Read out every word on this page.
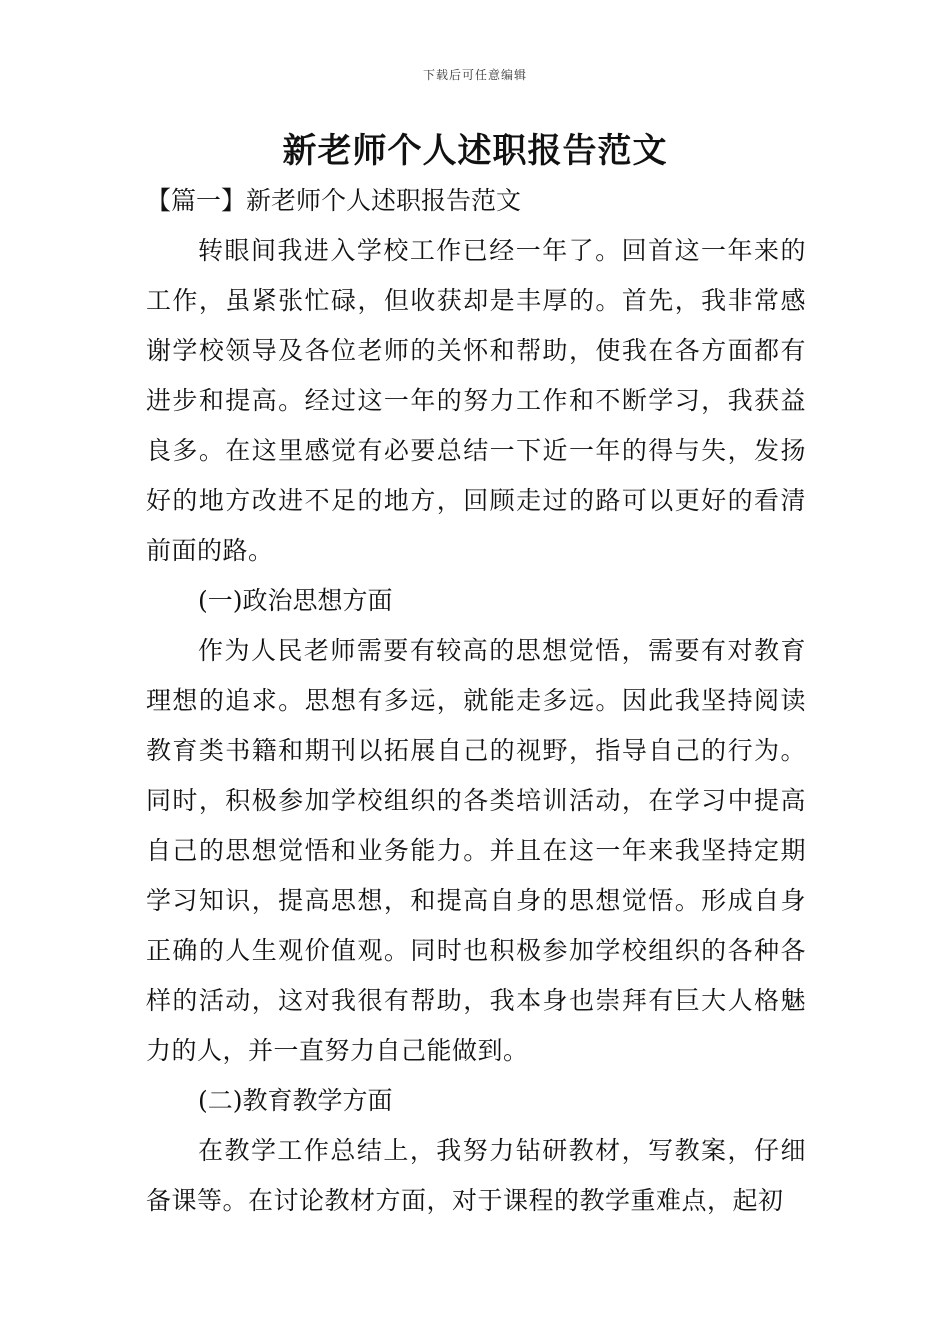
下载后可任意编辑
新老师个人述职报告范文

【篇一】新老师个人述职报告范文

转眼间我进入学校工作已经一年了。回首这一年来的工作，虽紧张忙碌，但收获却是丰厚的。首先，我非常感谢学校领导及各位老师的关怀和帮助，使我在各方面都有进步和提高。经过这一年的努力工作和不断学习，我获益良多。在这里感觉有必要总结一下近一年的得与失，发扬好的地方改进不足的地方，回顾走过的路可以更好的看清前面的路。

(一)政治思想方面

作为人民老师需要有较高的思想觉悟，需要有对教育理想的追求。思想有多远，就能走多远。因此我坚持阅读教育类书籍和期刊以拓展自己的视野，指导自己的行为。同时，积极参加学校组织的各类培训活动，在学习中提高自己的思想觉悟和业务能力。并且在这一年来我坚持定期学习知识，提高思想，和提高自身的思想觉悟。形成自身正确的人生观价值观。同时也积极参加学校组织的各种各样的活动，这对我很有帮助，我本身也崇拜有巨大人格魅力的人，并一直努力自己能做到。

(二)教育教学方面

在教学工作总结上，我努力钻研教材，写教案，仔细备课等。在讨论教材方面，对于课程的教学重难点，起初
